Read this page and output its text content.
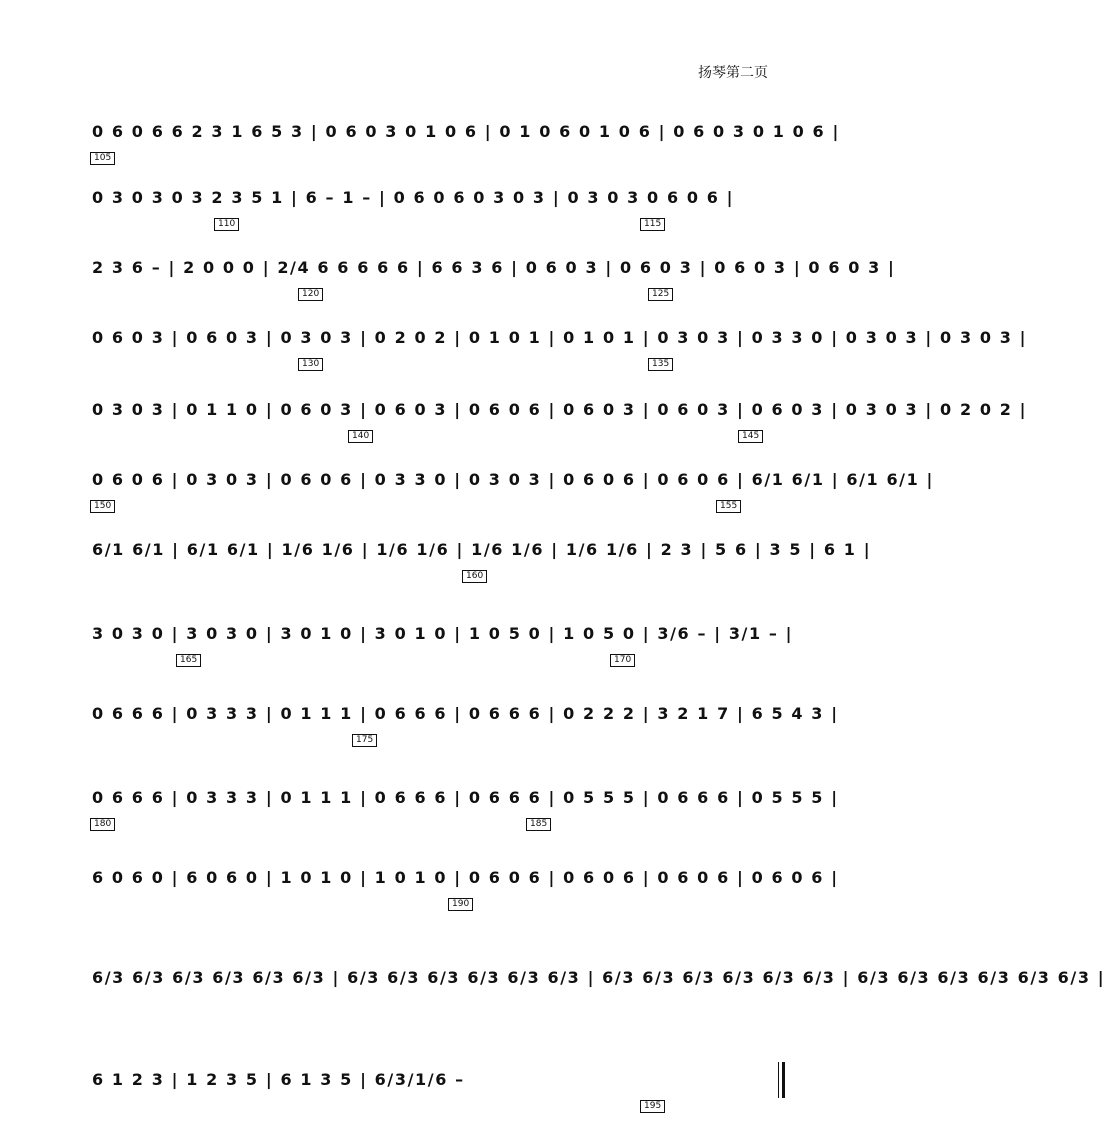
扬琴第二页
0 6 0 6 6 2 3 1 6 5 3 | 0 6 0 3 0 1 0 6 | 0 1 0 6 0 1 0 6 | 0 6 0 3 0 1 0 6 |
105
0 3 0 3 0 3 2 3 5 1 | 6 – 1 – | 0 6 0 6 0 3 0 3 | 0 3 0 3 0 6 0 6 |
110	115
2 3 6 – | 2 0 0 0 | 2/4 6 6 6 6 6 | 6 6 3 6 | 0 6 0 3 | 0 6 0 3 | 0 6 0 3 | 0 6 0 3 |
120	125
0 6 0 3 | 0 6 0 3 | 0 3 0 3 | 0 2 0 2 | 0 1 0 1 | 0 1 0 1 | 0 3 0 3 | 0 3 3 0 | 0 3 0 3 | 0 3 0 3 |
130	135
0 3 0 3 | 0 1 1 0 | 0 6 0 3 | 0 6 0 3 | 0 6 0 6 | 0 6 0 3 | 0 6 0 3 | 0 6 0 3 | 0 3 0 3 | 0 2 0 2 |
140	145
0 6 0 6 | 0 3 0 3 | 0 6 0 6 | 0 3 3 0 | 0 3 0 3 | 0 6 0 6 | 0 6 0 6 | 6/1 6/1 | 6/1 6/1 |
150	155
6/1 6/1 | 6/1 6/1 | 1/6 1/6 | 1/6 1/6 | 1/6 1/6 | 1/6 1/6 | 2 3 | 5 6 | 3 5 | 6 1 |
160
3 0 3 0 | 3 0 3 0 | 3 0 1 0 | 3 0 1 0 | 1 0 5 0 | 1 0 5 0 | 3/6 – | 3/1 – |
165	170
0 6 6 6 | 0 3 3 3 | 0 1 1 1 | 0 6 6 6 | 0 6 6 6 | 0 2 2 2 | 3 2 1 7 | 6 5 4 3 |
175
0 6 6 6 | 0 3 3 3 | 0 1 1 1 | 0 6 6 6 | 0 6 6 6 | 0 5 5 5 | 0 6 6 6 | 0 5 5 5 |
180	185
6 0 6 0 | 6 0 6 0 | 1 0 1 0 | 1 0 1 0 | 0 6 0 6 | 0 6 0 6 | 0 6 0 6 | 0 6 0 6 |
190
6/3 6/3 6/3 6/3 6/3 6/3 | 6/3 6/3 6/3 6/3 6/3 6/3 | 6/3 6/3 6/3 6/3 6/3 6/3 | 6/3 6/3 6/3 6/3 6/3 6/3 |
6 1 2 3 | 1 2 3 5 | 6 1 3 5 | 6/3/1/6 –
195
